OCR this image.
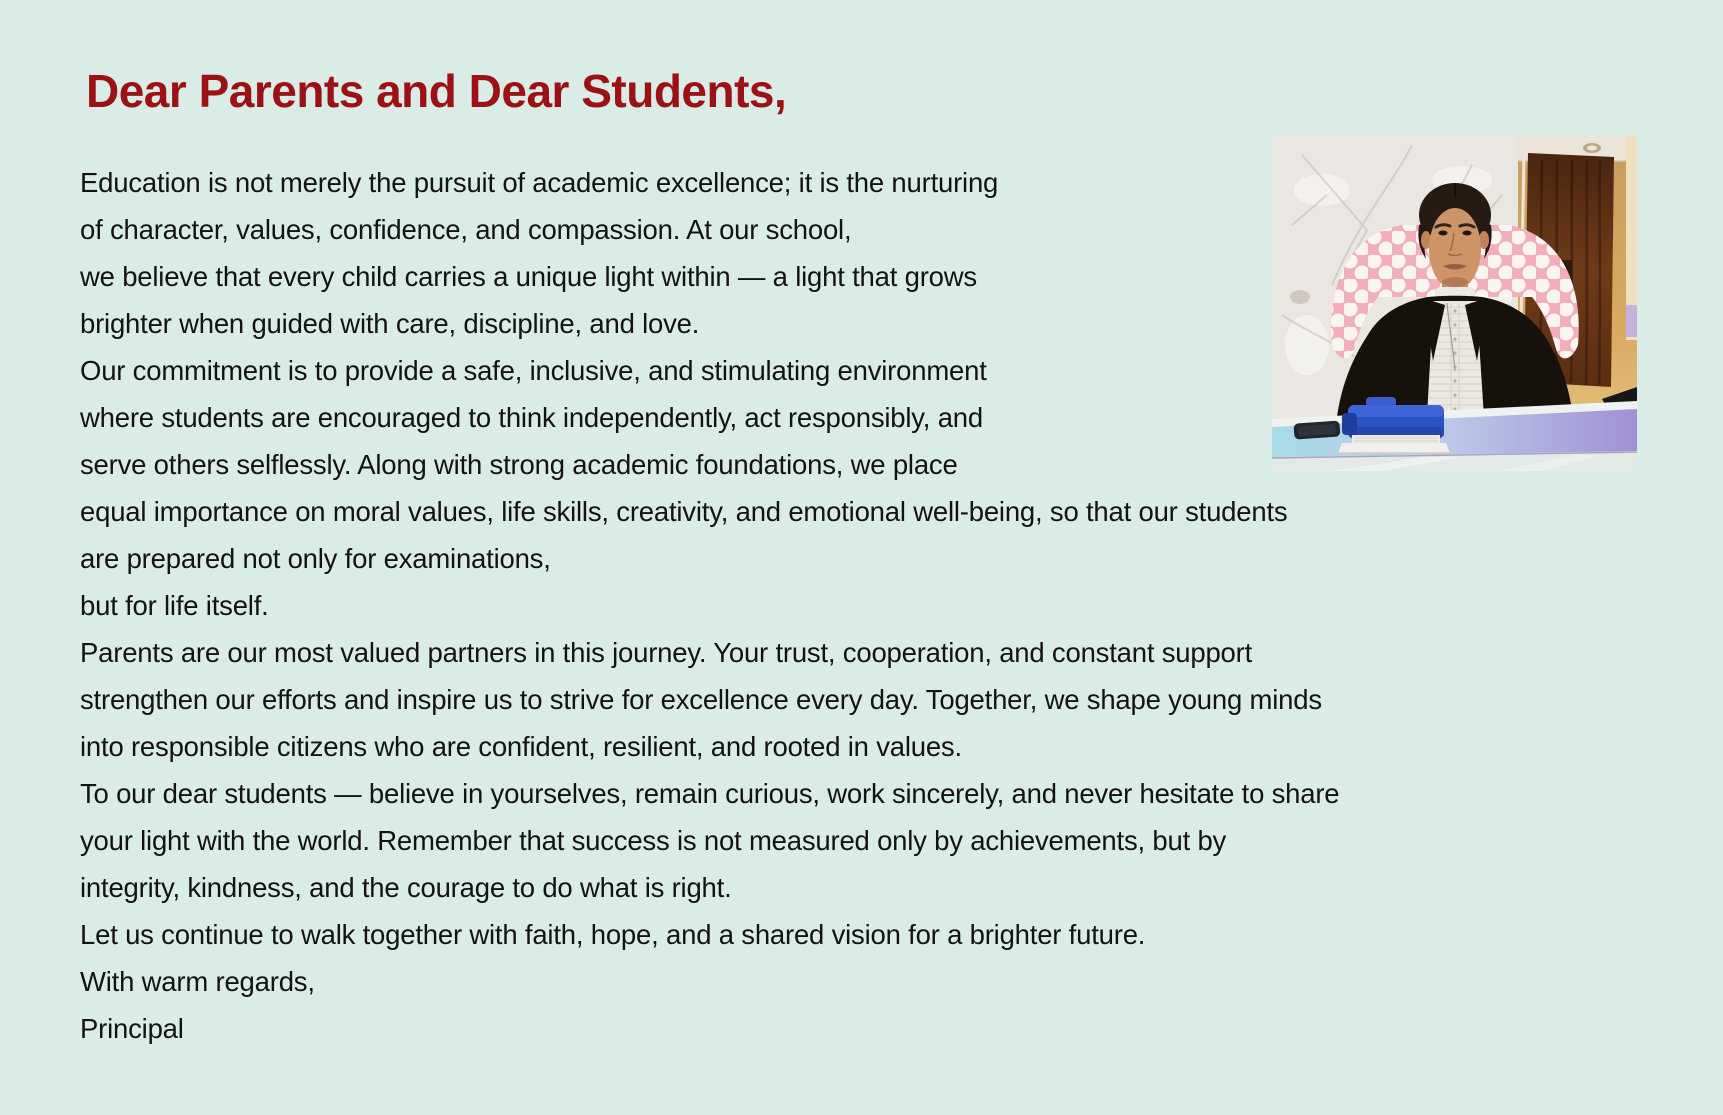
Dear Parents and Dear Students,
Education is not merely the pursuit of academic excellence; it is the nurturing
of character, values, confidence, and compassion. At our school,
we believe that every child carries a unique light within — a light that grows
brighter when guided with care, discipline, and love.
Our commitment is to provide a safe, inclusive, and stimulating environment
where students are encouraged to think independently, act responsibly, and
serve others selflessly. Along with strong academic foundations, we place
equal importance on moral values, life skills, creativity, and emotional well-being, so that our students
are prepared not only for examinations,
but for life itself.
Parents are our most valued partners in this journey. Your trust, cooperation, and constant support
strengthen our efforts and inspire us to strive for excellence every day. Together, we shape young minds
into responsible citizens who are confident, resilient, and rooted in values.
To our dear students — believe in yourselves, remain curious, work sincerely, and never hesitate to share
your light with the world. Remember that success is not measured only by achievements, but by
integrity, kindness, and the courage to do what is right.
Let us continue to walk together with faith, hope, and a shared vision for a brighter future.
With warm regards,
Principal
